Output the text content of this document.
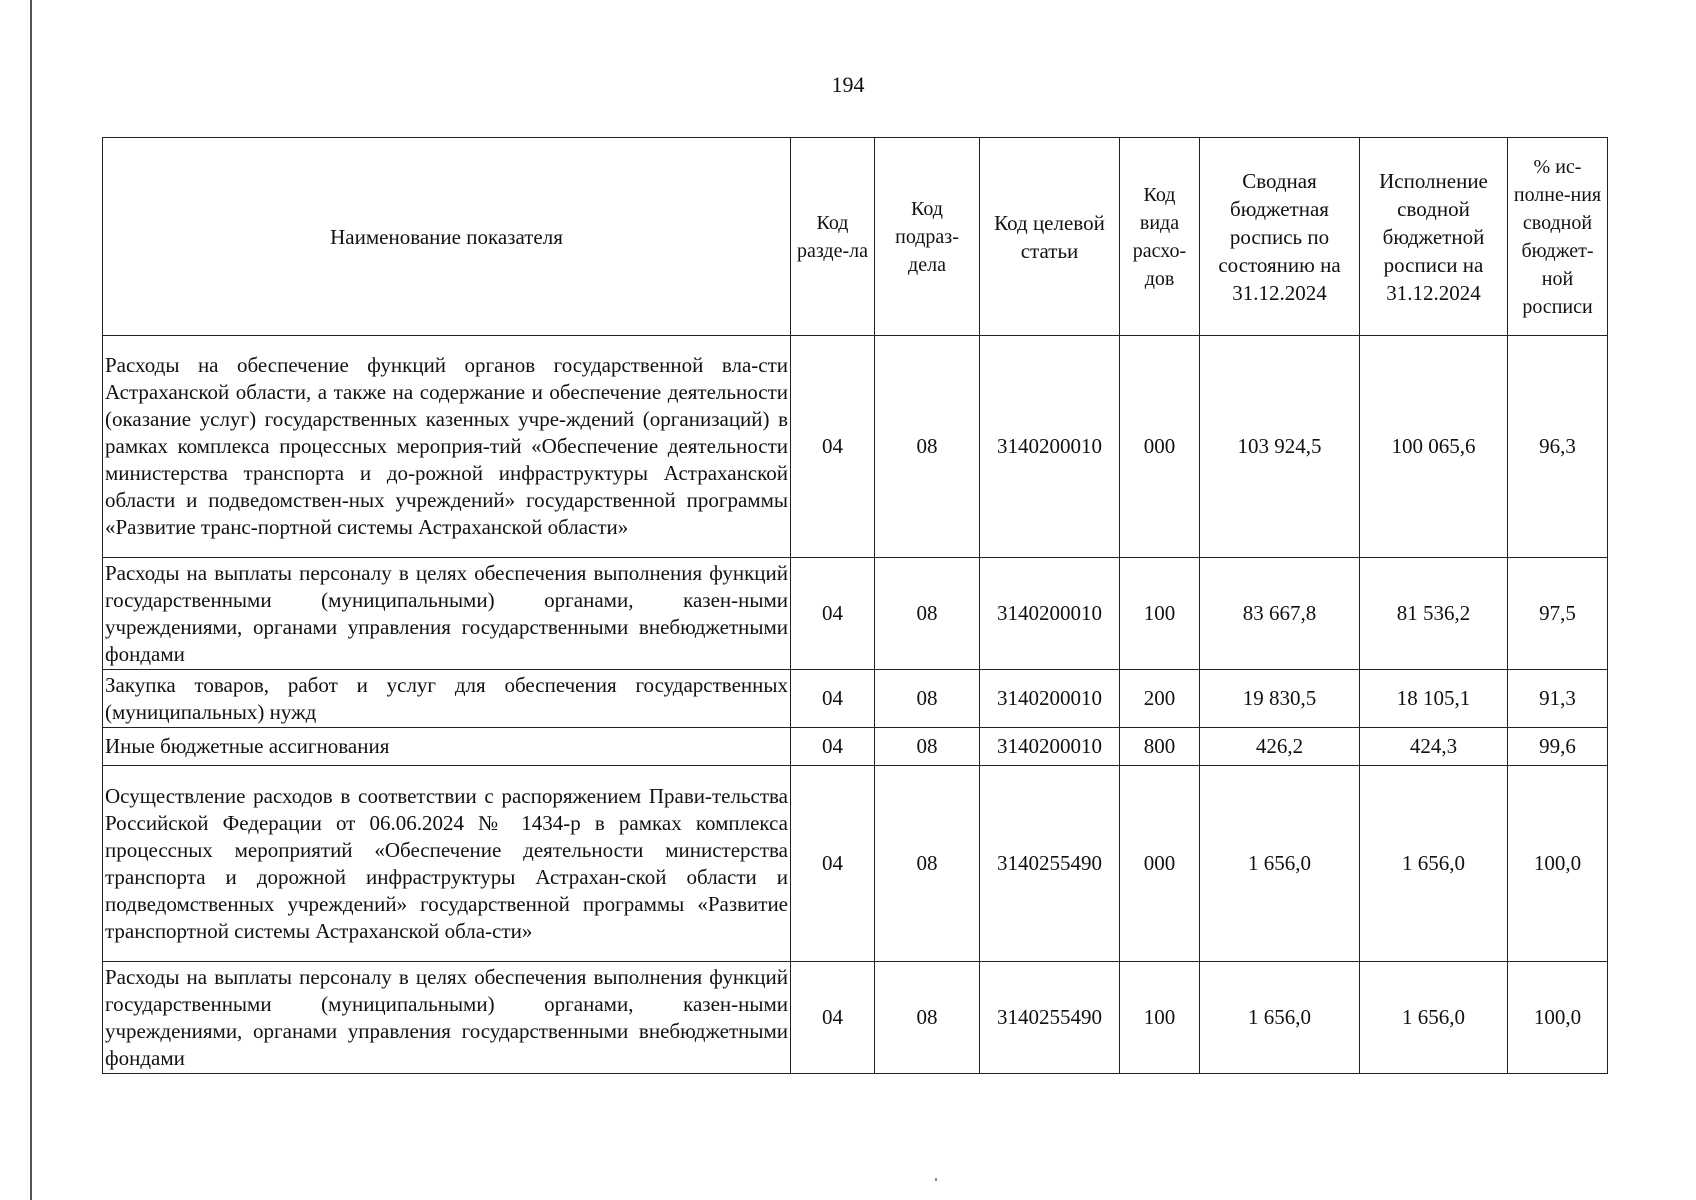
194
Наименование показателя	Код разде-ла	Код подраз-дела	Код целевой статьи	Код вида расхо-дов	Сводная бюджетная роспись по состоянию на 31.12.2024	Исполнение сводной бюджетной росписи на 31.12.2024	% ис-полне-ния сводной бюджет-ной росписи
Расходы на обеспечение функций органов государственной вла-сти Астраханской области, а также на содержание и обеспечение деятельности (оказание услуг) государственных казенных учре-ждений (организаций) в рамках комплекса процессных мероприя-тий «Обеспечение деятельности министерства транспорта и до-рожной инфраструктуры Астраханской области и подведомствен-ных учреждений» государственной программы «Развитие транс-портной системы Астраханской области»	04	08	3140200010	000	103 924,5	100 065,6	96,3
Расходы на выплаты персоналу в целях обеспечения выполнения функций государственными (муниципальными) органами, казен-ными учреждениями, органами управления государственными внебюджетными фондами	04	08	3140200010	100	83 667,8	81 536,2	97,5
Закупка товаров, работ и услуг для обеспечения государственных (муниципальных) нужд	04	08	3140200010	200	19 830,5	18 105,1	91,3
Иные бюджетные ассигнования	04	08	3140200010	800	426,2	424,3	99,6
Осуществление расходов в соответствии с распоряжением Прави-тельства Российской Федерации от 06.06.2024 № 1434-р в рамках комплекса процессных мероприятий «Обеспечение деятельности министерства транспорта и дорожной инфраструктуры Астрахан-ской области и подведомственных учреждений» государственной программы «Развитие транспортной системы Астраханской обла-сти»	04	08	3140255490	000	1 656,0	1 656,0	100,0
Расходы на выплаты персоналу в целях обеспечения выполнения функций государственными (муниципальными) органами, казен-ными учреждениями, органами управления государственными внебюджетными фондами	04	08	3140255490	100	1 656,0	1 656,0	100,0
